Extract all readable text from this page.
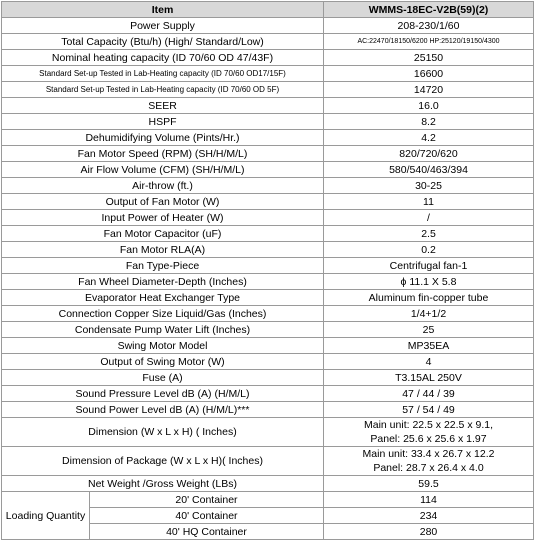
Item		WMMS-18EC-V2B(59)(2)
Power Supply		208-230/1/60
Total Capacity (Btu/h) (High/ Standard/Low)		AC:22470/18150/6200 HP:25120/19150/4300
Nominal heating capacity (ID 70/60 OD 47/43F)		25150
Standard Set-up Tested in Lab-Heating capacity (ID 70/60 OD17/15F)		16600
Standard Set-up Tested in Lab-Heating capacity (ID 70/60 OD 5F)		14720
SEER		16.0
HSPF		8.2
Dehumidifying Volume (Pints/Hr.)		4.2
Fan Motor Speed (RPM) (SH/H/M/L)		820/720/620
Air Flow Volume (CFM) (SH/H/M/L)		580/540/463/394
Air-throw (ft.)		30-25
Output of Fan Motor (W)		11
Input Power of Heater (W)		/
Fan Motor Capacitor (uF)		2.5
Fan Motor RLA(A)		0.2
Fan Type-Piece		Centrifugal fan-1
Fan Wheel Diameter-Depth (Inches)		ϕ 11.1 X 5.8
Evaporator Heat Exchanger Type		Aluminum fin-copper tube
Connection Copper Size Liquid/Gas (Inches)		1/4+1/2
Condensate Pump Water Lift (Inches)		25
Swing Motor Model		MP35EA
Output of Swing Motor (W)		4
Fuse (A)		T3.15AL 250V
Sound Pressure Level dB (A) (H/M/L)		47 / 44 / 39
Sound Power Level dB (A) (H/M/L)***		57 / 54 / 49
Dimension (W x L x H) ( Inches)		Main unit: 22.5 x 22.5 x 9.1,
Panel: 25.6 x 25.6 x 1.97

Dimension of Package (W x L x H)( Inches)		Main unit: 33.4 x 26.7 x 12.2
Panel: 28.7 x 26.4 x 4.0

Net Weight /Gross Weight (LBs)		59.5
Loading Quantity	20' Container	114
	40' Container	234
	40' HQ Container	280
